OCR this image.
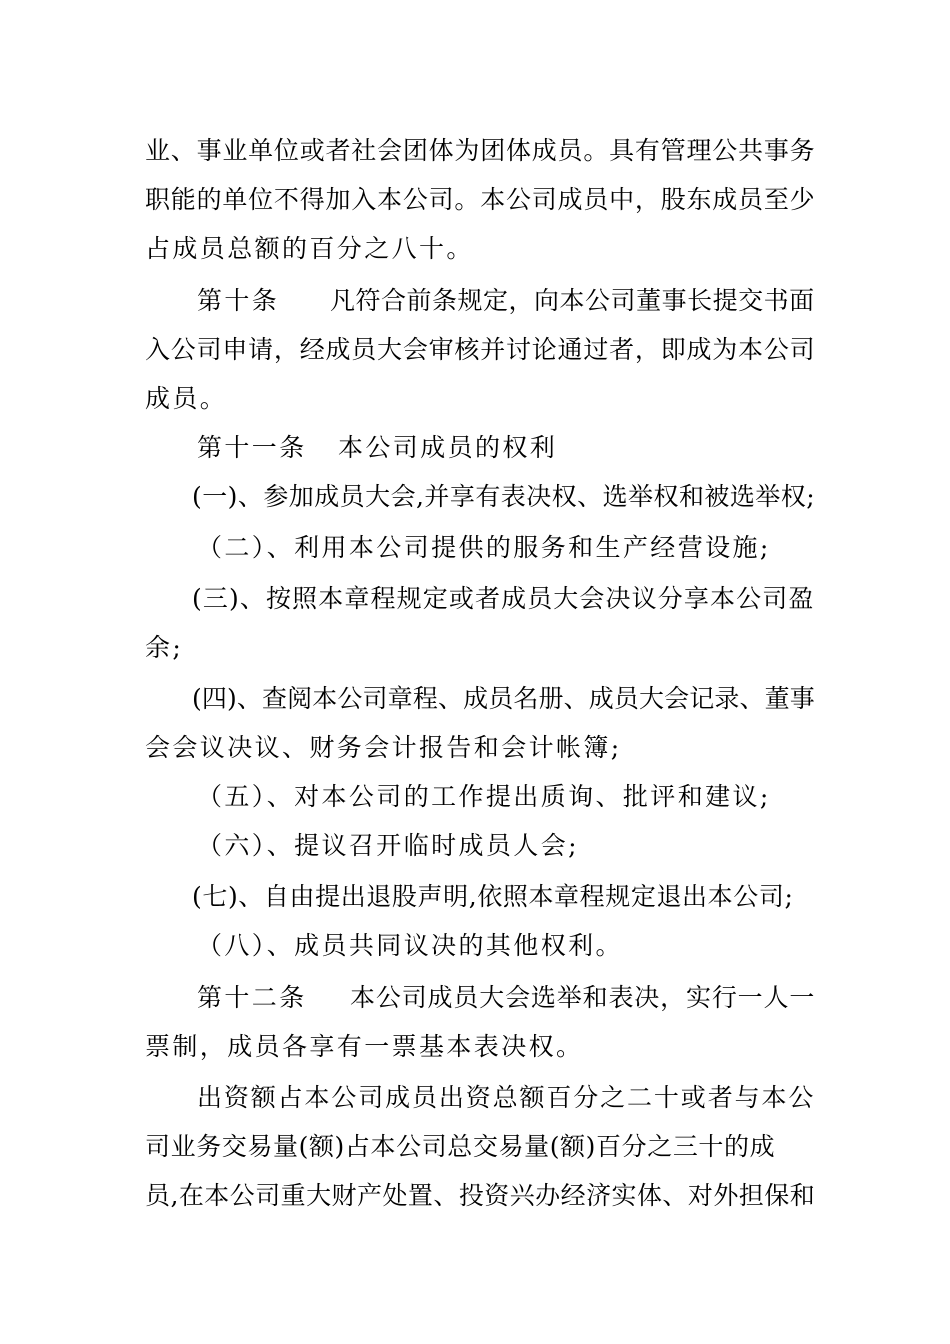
业、事业单位或者社会团体为团体成员。具有管理公共事务
职能的单位不得加入本公司。本公司成员中，股东成员至少
占成员总额的百分之八十。
第十条 凡符合前条规定，向本公司董事长提交书面
入公司申请，经成员大会审核并讨论通过者，即成为本公司
成员。
第十一条 本公司成员的权利
(一)、参加成员大会,并享有表决权、选举权和被选举权;
（二）、利用本公司提供的服务和生产经营设施;
(三)、按照本章程规定或者成员大会决议分享本公司盈
余;
(四)、查阅本公司章程、成员名册、成员大会记录、董事
会会议决议、财务会计报告和会计帐簿;
（五）、对本公司的工作提出质询、批评和建议;
（六）、提议召开临时成员人会;
(七)、自由提出退股声明,依照本章程规定退出本公司;
（八）、成员共同议决的其他权利。
第十二条 本公司成员大会选举和表决，实行一人一
票制，成员各享有一票基本表决权。
出资额占本公司成员出资总额百分之二十或者与本公
司业务交易量(额)占本公司总交易量(额)百分之三十的成
员,在本公司重大财产处置、投资兴办经济实体、对外担保和
